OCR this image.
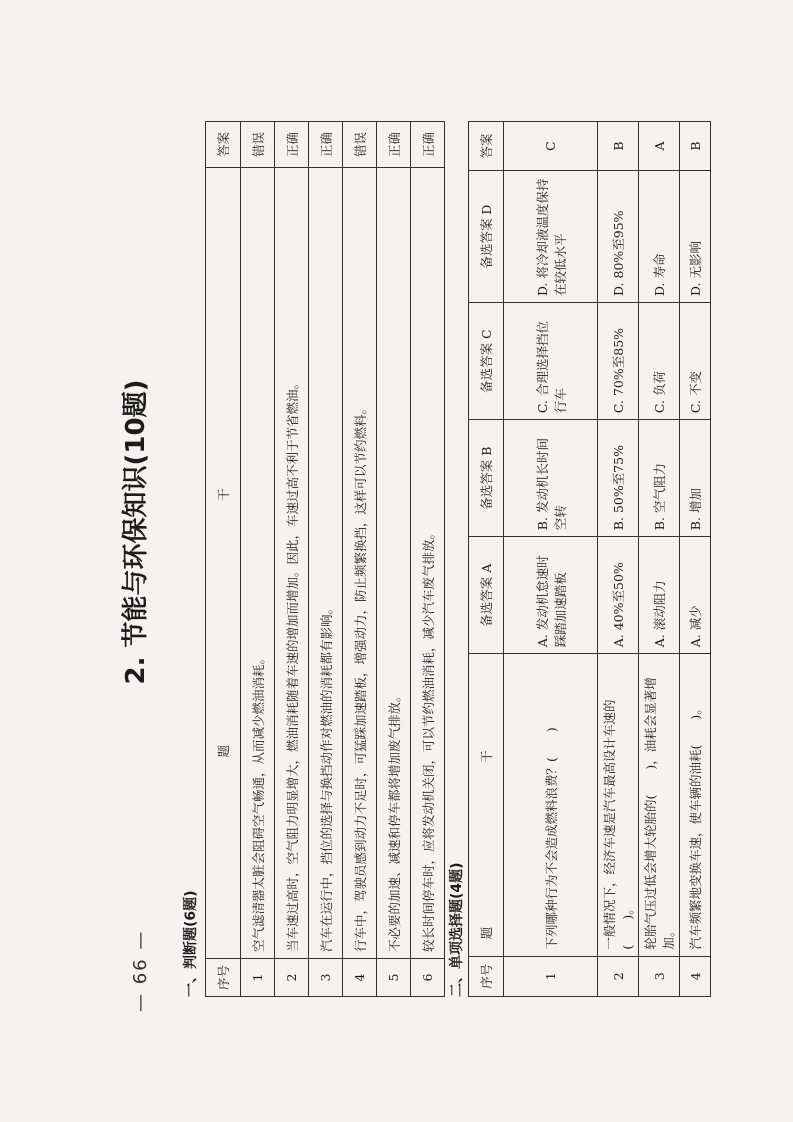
— 66 —
2. 节能与环保知识(10题)
一、判断题(6题) 序号	题 干	答案
1	空气滤清器太脏会阻碍空气畅通，从而减少燃油消耗。	错误
2	当车速过高时，空气阻力明显增大，燃油消耗随着车速的增加而增加。因此，车速过高不利于节省燃油。	正确
3	汽车在运行中，挡位的选择与换挡动作对燃油的消耗都有影响。	正确
4	行车中，驾驶员感到动力不足时，可猛踩加速踏板，增强动力，防止频繁换挡，这样可以节约燃料。	错误
5	不必要的加速、减速和停车都将增加废气排放。	正确
6	较长时间停车时，应将发动机关闭，可以节约燃油消耗，减少汽车废气排放。	正确
二、单项选择题(4题) 序号	题 干	备选答案 A	备选答案 B	备选答案 C	备选答案 D	答案
1	下列哪种行为不会造成燃料浪费？(　　)	A. 发动机怠速时踩踏加速踏板	B. 发动机长时间空转	C. 合理选择挡位行车	D. 将冷却液温度保持在较低水平	C
2	一般情况下，经济车速是汽车最高设计车速的(　　)。	A. 40%至50%	B. 50%至75%	C. 70%至85%	D. 80%至95%	B
3	轮胎气压过低会增大轮胎的(　　)，油耗会显著增加。	A. 滚动阻力	B. 空气阻力	C. 负荷	D. 寿命	A
4	汽车频繁地变换车速，使车辆的油耗(　　)。	A. 减少	B. 增加	C. 不变	D. 无影响	B
